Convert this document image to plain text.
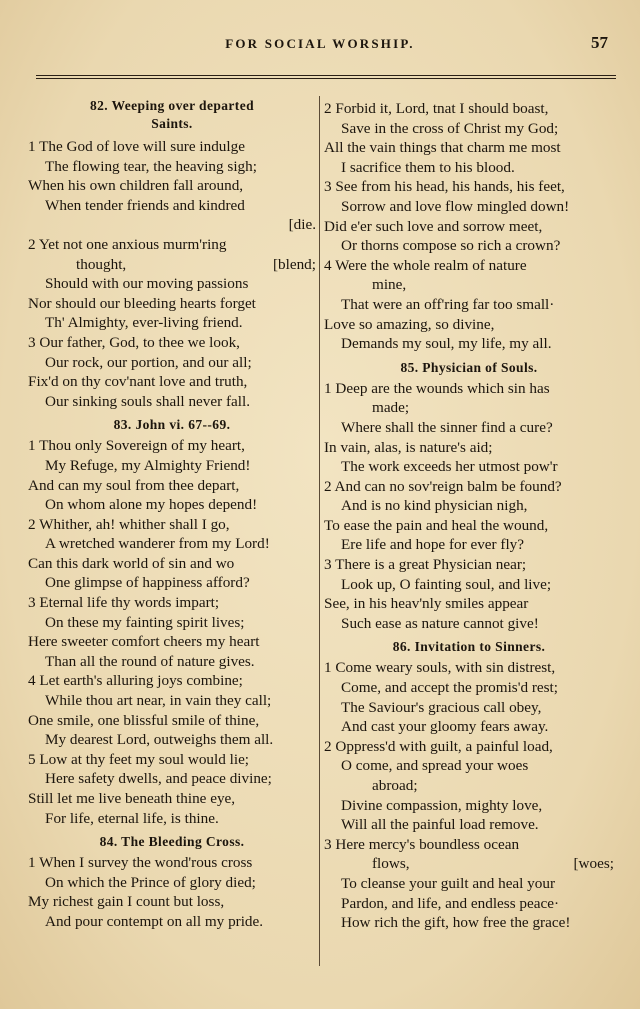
FOR SOCIAL WORSHIP.	57
82. Weeping over departed
Saints.
1 The God of love will sure indulge
The flowing tear, the heaving sigh;
When his own children fall around,
When tender friends and kindred
[die.
2 Yet not one anxious murm'ring
thought,	[blend;
Should with our moving passions
Nor should our bleeding hearts forget
Th' Almighty, ever-living friend.
3 Our father, God, to thee we look,
Our rock, our portion, and our all;
Fix'd on thy cov'nant love and truth,
Our sinking souls shall never fall.
83. John vi. 67--69.
1 Thou only Sovereign of my heart,
My Refuge, my Almighty Friend!
And can my soul from thee depart,
On whom alone my hopes depend!
2 Whither, ah! whither shall I go,
A wretched wanderer from my Lord!
Can this dark world of sin and wo
One glimpse of happiness afford?
3 Eternal life thy words impart;
On these my fainting spirit lives;
Here sweeter comfort cheers my heart
Than all the round of nature gives.
4 Let earth's alluring joys combine;
While thou art near, in vain they call;
One smile, one blissful smile of thine,
My dearest Lord, outweighs them all.
5 Low at thy feet my soul would lie;
Here safety dwells, and peace divine;
Still let me live beneath thine eye,
For life, eternal life, is thine.
84. The Bleeding Cross.
1 When I survey the wond'rous cross
On which the Prince of glory died;
My richest gain I count but loss,
And pour contempt on all my pride.
2 Forbid it, Lord, tnat I should boast,
Save in the cross of Christ my God;
All the vain things that charm me most
I sacrifice them to his blood.
3 See from his head, his hands, his feet,
Sorrow and love flow mingled down!
Did e'er such love and sorrow meet,
Or thorns compose so rich a crown?
4 Were the whole realm of nature
mine,
That were an off'ring far too small·
Love so amazing, so divine,
Demands my soul, my life, my all.
85. Physician of Souls.
1 Deep are the wounds which sin has
made;
Where shall the sinner find a cure?
In vain, alas, is nature's aid;
The work exceeds her utmost pow'r
2 And can no sov'reign balm be found?
And is no kind physician nigh,
To ease the pain and heal the wound,
Ere life and hope for ever fly?
3 There is a great Physician near;
Look up, O fainting soul, and live;
See, in his heav'nly smiles appear
Such ease as nature cannot give!
86. Invitation to Sinners.
1 Come weary souls, with sin distrest,
Come, and accept the promis'd rest;
The Saviour's gracious call obey,
And cast your gloomy fears away.
2 Oppress'd with guilt, a painful load,
O come, and spread your woes
abroad;
Divine compassion, mighty love,
Will all the painful load remove.
3 Here mercy's boundless ocean
flows,	[woes;
To cleanse your guilt and heal your
Pardon, and life, and endless peace·
How rich the gift, how free the grace!
